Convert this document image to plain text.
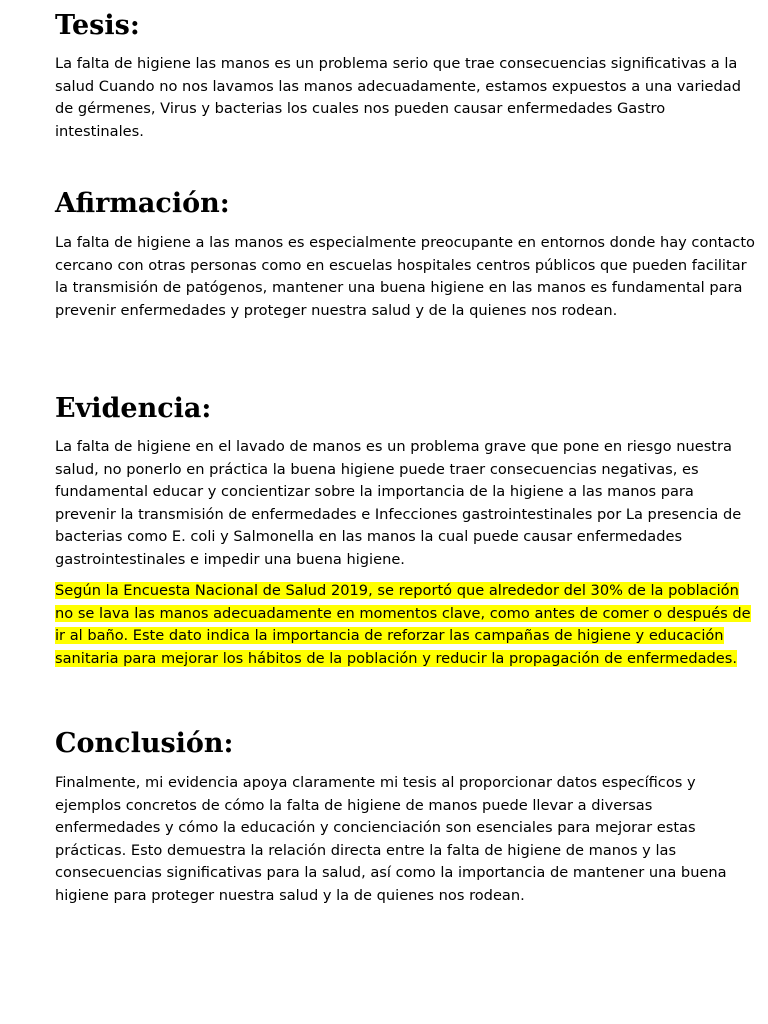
Tesis:

La falta de higiene las manos es un problema serio que trae consecuencias significativas a la
salud Cuando no nos lavamos las manos adecuadamente, estamos expuestos a una variedad
de gérmenes, Virus y bacterias los cuales nos pueden causar enfermedades Gastro
intestinales.

Afirmación:

La falta de higiene a las manos es especialmente preocupante en entornos donde hay contacto
cercano con otras personas como en escuelas hospitales centros públicos que pueden facilitar
la transmisión de patógenos, mantener una buena higiene en las manos es fundamental para
prevenir enfermedades y proteger nuestra salud y de la quienes nos rodean.

Evidencia:

La falta de higiene en el lavado de manos es un problema grave que pone en riesgo nuestra
salud, no ponerlo en práctica la buena higiene puede traer consecuencias negativas, es
fundamental educar y concientizar sobre la importancia de la higiene a las manos para
prevenir la transmisión de enfermedades e Infecciones gastrointestinales por La presencia de
bacterias como E. coli y Salmonella en las manos la cual puede causar enfermedades
gastrointestinales e impedir una buena higiene.

Según la Encuesta Nacional de Salud 2019, se reportó que alrededor del 30% de la población
no se lava las manos adecuadamente en momentos clave, como antes de comer o después de
ir al baño. Este dato indica la importancia de reforzar las campañas de higiene y educación
sanitaria para mejorar los hábitos de la población y reducir la propagación de enfermedades.

Conclusión:

Finalmente, mi evidencia apoya claramente mi tesis al proporcionar datos específicos y
ejemplos concretos de cómo la falta de higiene de manos puede llevar a diversas
enfermedades y cómo la educación y concienciación son esenciales para mejorar estas
prácticas. Esto demuestra la relación directa entre la falta de higiene de manos y las
consecuencias significativas para la salud, así como la importancia de mantener una buena
higiene para proteger nuestra salud y la de quienes nos rodean.
